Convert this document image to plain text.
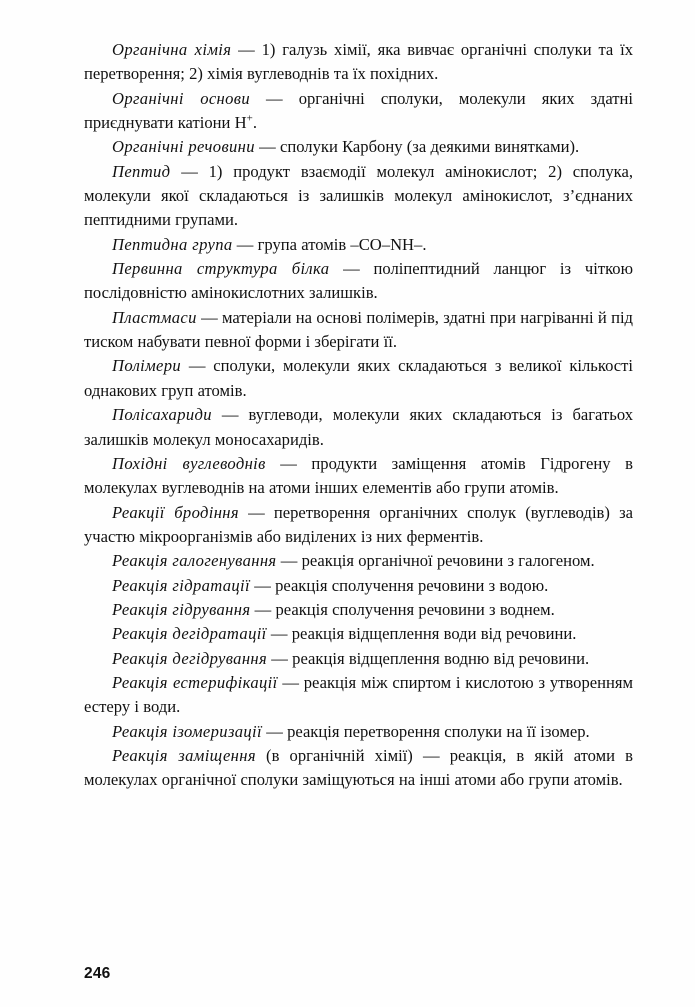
Органічна хімія — 1) галузь хімії, яка вивчає органічні сполуки та їх перетворення; 2) хімія вуглеводнів та їх похідних.

Органічні основи — органічні сполуки, молекули яких здатні приєднувати катіони H+.

Органічні речовини — сполуки Карбону (за деякими винятками).

Пептид — 1) продукт взаємодії молекул амінокислот; 2) сполука, молекули якої складаються із залишків молекул амінокислот, з’єднаних пептидними групами.

Пептидна група — група атомів –CO–NH–.

Первинна структура білка — поліпептидний ланцюг із чіткою послідовністю амінокислотних залишків.

Пластмаси — матеріали на основі полімерів, здатні при нагріванні й під тиском набувати певної форми і зберігати її.

Полімери — сполуки, молекули яких складаються з великої кількості однакових груп атомів.

Полісахариди — вуглеводи, молекули яких складаються із багатьох залишків молекул моносахаридів.

Похідні вуглеводнів — продукти заміщення атомів Гідрогену в молекулах вуглеводнів на атоми інших елементів або групи атомів.

Реакції бродіння — перетворення органічних сполук (вуглеводів) за участю мікроорганізмів або виділених із них ферментів.

Реакція галогенування — реакція органічної речовини з галогеном.

Реакція гідратації — реакція сполучення речовини з водою.

Реакція гідрування — реакція сполучення речовини з воднем.

Реакція дегідратації — реакція відщеплення води від речовини.

Реакція дегідрування — реакція відщеплення водню від речовини.

Реакція естерифікації — реакція між спиртом і кислотою з утворенням естеру і води.

Реакція ізомеризації — реакція перетворення сполуки на її ізомер.

Реакція заміщення (в органічній хімії) — реакція, в якій атоми в молекулах органічної сполуки заміщуються на інші атоми або групи атомів.

246
